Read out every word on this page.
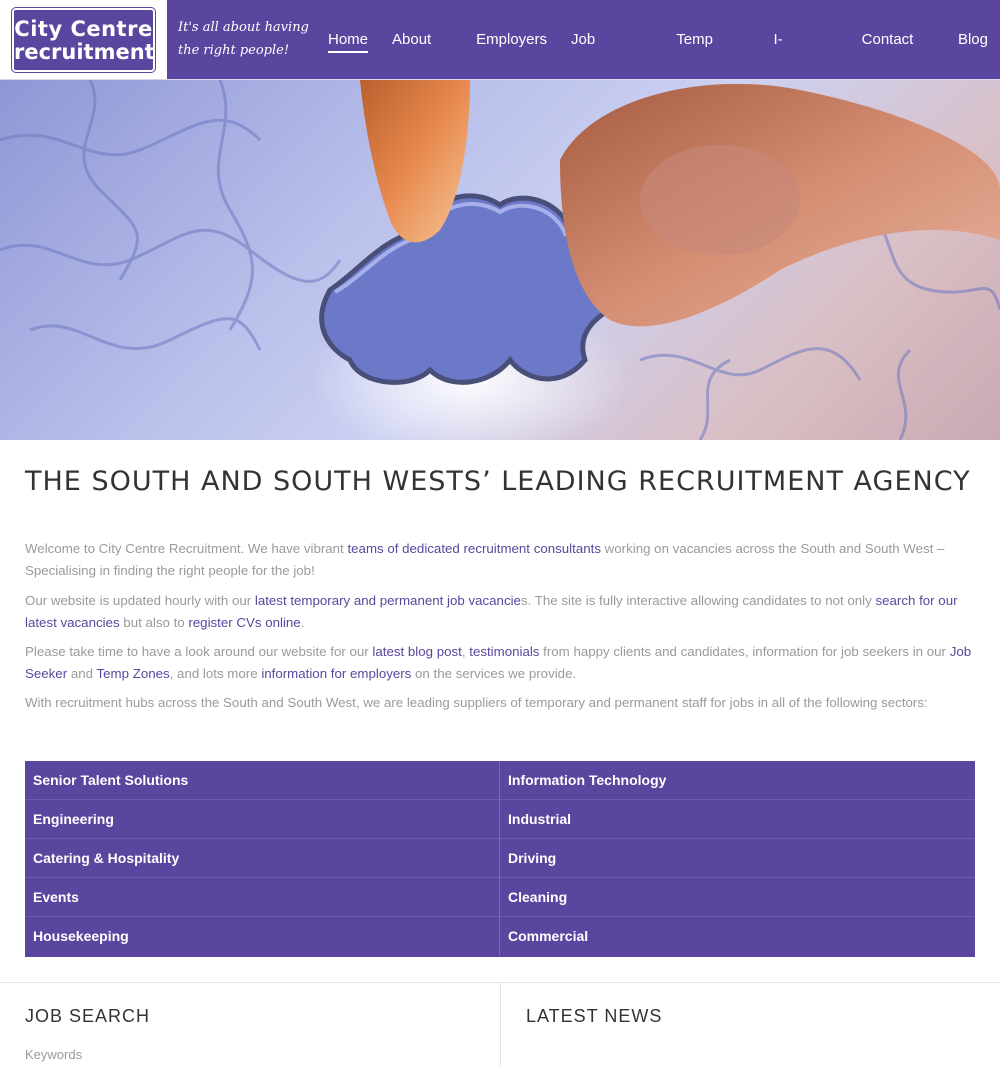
City Centre
recruitment
It's all about having
the right people!
Home	About	Employers	Job	Temp	I-	Contact	Blog
THE SOUTH AND SOUTH WESTS’ LEADING RECRUITMENT AGENCY

Welcome to City Centre Recruitment. We have vibrant teams of dedicated recruitment consultants working on vacancies across the South and South West – Specialising in finding the right people for the job!

Our website is updated hourly with our latest temporary and permanent job vacancies. The site is fully interactive allowing candidates to not only search for our latest vacancies but also to register CVs online.

Please take time to have a look around our website for our latest blog post, testimonials from happy clients and candidates, information for job seekers in our Job Seeker and Temp Zones, and lots more information for employers on the services we provide.

With recruitment hubs across the South and South West, we are leading suppliers of temporary and permanent staff for jobs in all of the following sectors:

Senior Talent Solutions	Information Technology
Engineering	Industrial
Catering & Hospitality	Driving
Events	Cleaning
Housekeeping	Commercial
JOB SEARCH
Keywords
LATEST NEWS
